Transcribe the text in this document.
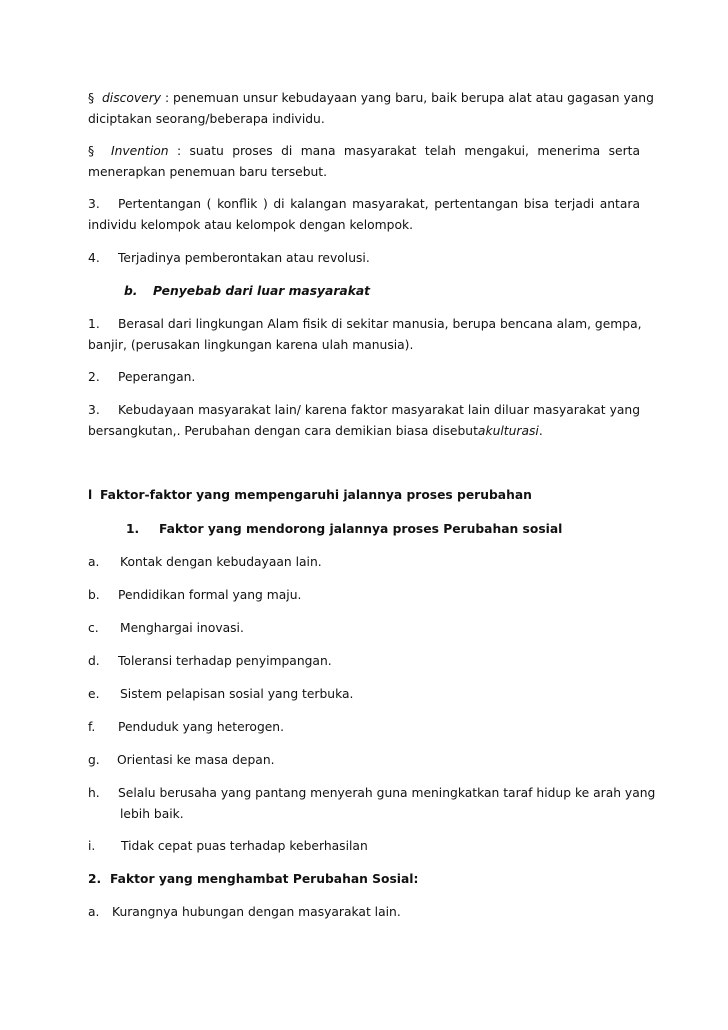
§ discovery : penemuan unsur kebudayaan yang baru, baik berupa alat atau gagasan yang
diciptakan seorang/beberapa individu.

§ Invention : suatu proses di mana masyarakat telah mengakui, menerima serta
menerapkan penemuan baru tersebut.

3. Pertentangan ( konflik ) di kalangan masyarakat, pertentangan bisa terjadi antara
individu kelompok atau kelompok dengan kelompok.

4. Terjadinya pemberontakan atau revolusi.

b. Penyebab dari luar masyarakat

1. Berasal dari lingkungan Alam fisik di sekitar manusia, berupa bencana alam, gempa,
banjir, (perusakan lingkungan karena ulah manusia).

2. Peperangan.

3. Kebudayaan masyarakat lain/ karena faktor masyarakat lain diluar masyarakat yang
bersangkutan,. Perubahan dengan cara demikian biasa disebutakulturasi.

l Faktor-faktor yang mempengaruhi jalannya proses perubahan

1. Faktor yang mendorong jalannya proses Perubahan sosial

a. Kontak dengan kebudayaan lain.

b. Pendidikan formal yang maju.

c. Menghargai inovasi.

d. Toleransi terhadap penyimpangan.

e. Sistem pelapisan sosial yang terbuka.

f. Penduduk yang heterogen.

g. Orientasi ke masa depan.

h. Selalu berusaha yang pantang menyerah guna meningkatkan taraf hidup ke arah yang
lebih baik.

i. Tidak cepat puas terhadap keberhasilan

2. Faktor yang menghambat Perubahan Sosial:

a. Kurangnya hubungan dengan masyarakat lain.
